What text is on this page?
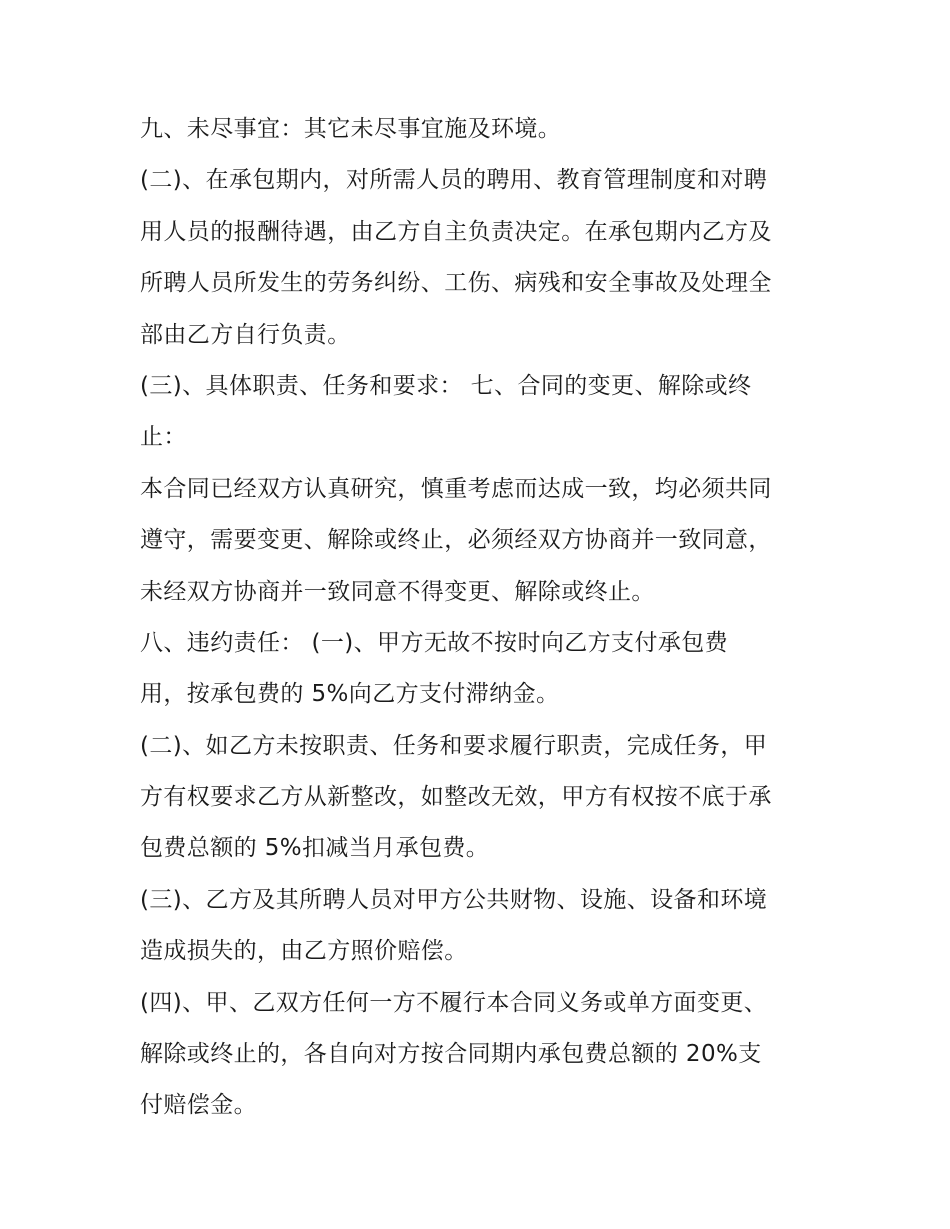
九、未尽事宜：其它未尽事宜施及环境。
(二)、在承包期内，对所需人员的聘用、教育管理制度和对聘
用人员的报酬待遇，由乙方自主负责决定。在承包期内乙方及
所聘人员所发生的劳务纠纷、工伤、病残和安全事故及处理全
部由乙方自行负责。
(三)、具体职责、任务和要求： 七、合同的变更、解除或终
止：
本合同已经双方认真研究，慎重考虑而达成一致，均必须共同
遵守，需要变更、解除或终止，必须经双方协商并一致同意，
未经双方协商并一致同意不得变更、解除或终止。
八、违约责任： (一)、甲方无故不按时向乙方支付承包费
用，按承包费的 5%向乙方支付滞纳金。
(二)、如乙方未按职责、任务和要求履行职责，完成任务，甲
方有权要求乙方从新整改，如整改无效，甲方有权按不底于承
包费总额的 5%扣减当月承包费。
(三)、乙方及其所聘人员对甲方公共财物、设施、设备和环境
造成损失的，由乙方照价赔偿。
(四)、甲、乙双方任何一方不履行本合同义务或单方面变更、
解除或终止的，各自向对方按合同期内承包费总额的 20%支
付赔偿金。
